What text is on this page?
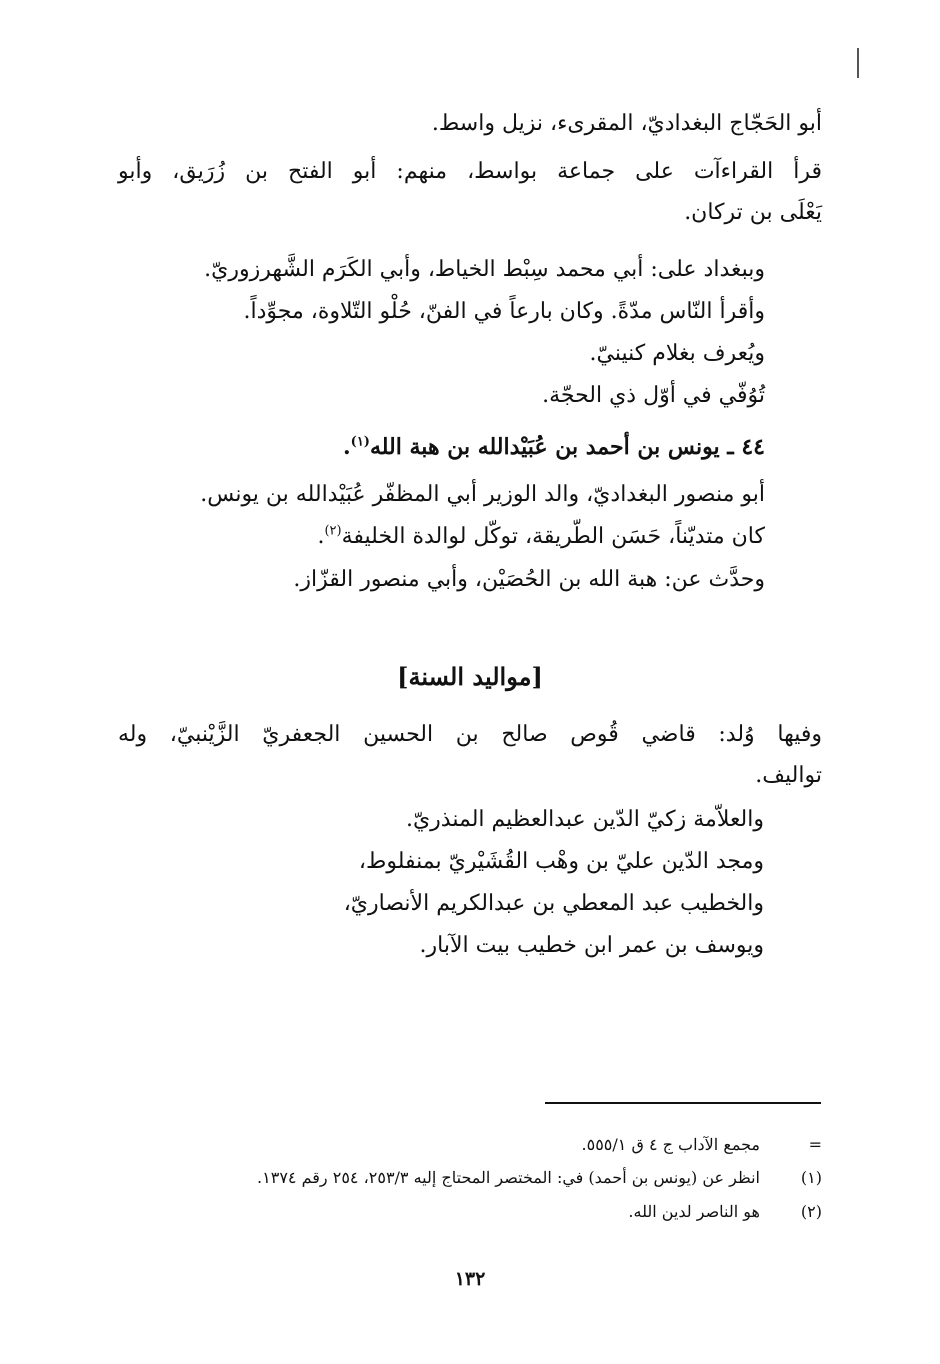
أبو الحَجّاج البغداديّ، المقرىء، نزيل واسط.
قرأ القراءآت على جماعة بواسط، منهم: أبو الفتح بن زُرَيق، وأبو
يَعْلَى بن تركان.
وببغداد على: أبي محمد سِبْط الخياط، وأبي الكَرَم الشَّهرزوريّ.
وأقرأ النّاس مدّةً. وكان بارعاً في الفنّ، حُلْو التّلاوة، مجوِّداً.
ويُعرف بغلام كنينيّ.
تُوُفّي في أوّل ذي الحجّة.
٤٤ ـ يونس بن أحمد بن عُبَيْدالله بن هبة الله$^{(١)}$.
أبو منصور البغداديّ، والد الوزير أبي المظفّر عُبَيْدالله بن يونس.
كان متديّناً، حَسَن الطّريقة، توكّل لوالدة الخليفة$^{(٢)}$.
وحدَّث عن: هبة الله بن الحُصَيْن، وأبي منصور القزّاز.
[مواليد السنة]
وفيها وُلد: قاضي قُوص صالح بن الحسين الجعفريّ الزَّيْنبيّ، وله
تواليف.
والعلاّمة زكيّ الدّين عبدالعظيم المنذريّ.
ومجد الدّين عليّ بن وهْب القُشَيْريّ بمنفلوط،
والخطيب عبد المعطي بن عبدالكريم الأنصاريّ،
ويوسف بن عمر ابن خطيب بيت الآبار.
=مجمع الآداب ج ٤ ق ٥٥٥/١.
(١)انظر عن (يونس بن أحمد) في: المختصر المحتاج إليه ٢٥٣/٣، ٢٥٤ رقم ١٣٧٤.
(٢)هو الناصر لدين الله.
١٣٢
